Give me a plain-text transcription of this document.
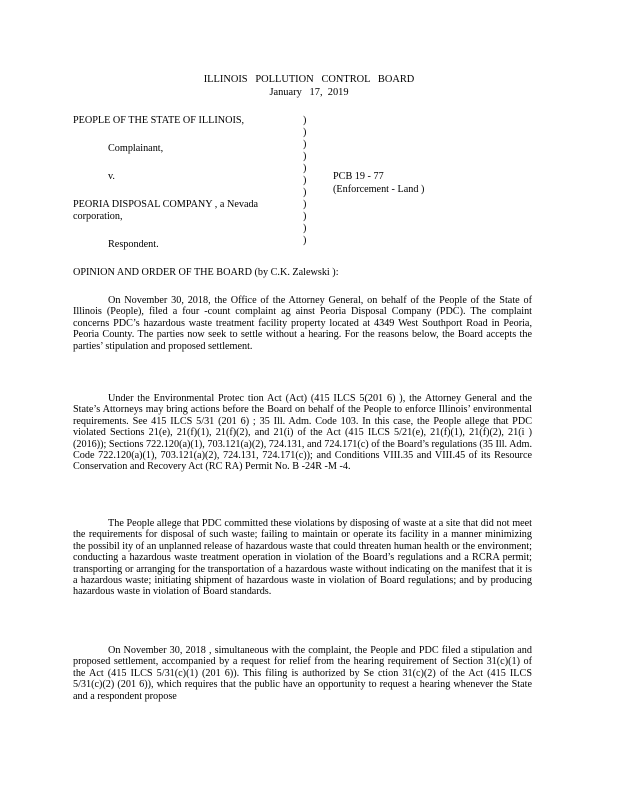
ILLINOIS   POLLUTION   CONTROL   BOARD
January   17,  2019
PEOPLE OF THE STATE OF ILLINOIS,
Complainant,
v.
PEORIA DISPOSAL COMPANY , a Nevada
corporation,
Respondent.
)
)
)
)
)
)
)
)
)
)
)
PCB 19 - 77
(Enforcement - Land )
OPINION AND ORDER OF THE BOARD (by C.K. Zalewski ):
On November 30, 2018, the Office of the Attorney General, on behalf of the People of the State of Illinois (People), filed a four -count complaint ag ainst Peoria Disposal Company (PDC). The complaint concerns PDC’s hazardous waste treatment facility property located at 4349 West Southport Road in Peoria, Peoria County. The parties now seek to settle without a hearing. For the reasons below, the Board accepts the parties’ stipulation and proposed settlement.
Under the Environmental Protec tion Act (Act) (415 ILCS 5(201 6) ), the Attorney General and the State’s Attorneys may bring actions before the Board on behalf of the People to enforce Illinois’ environmental requirements. See 415 ILCS 5/31 (201 6) ; 35 Ill. Adm. Code 103. In this case, the People allege that PDC violated Sections 21(e), 21(f)(1), 21(f)(2), and 21(i) of the Act (415 ILCS 5/21(e), 21(f)(1), 21(f)(2), 21(i ) (2016)); Sections 722.120(a)(1), 703.121(a)(2), 724.131, and 724.171(c) of the Board’s regulations (35 Ill. Adm. Code 722.120(a)(1), 703.121(a)(2), 724.131, 724.171(c)); and Conditions VIII.35 and VIII.45 of its Resource Conservation and Recovery Act (RC RA) Permit No. B -24R -M -4.
The People allege that PDC committed these violations by disposing of waste at a site that did not meet the requirements for disposal of such waste; failing to maintain or operate its facility in a manner minimizing the possibil ity of an unplanned release of hazardous waste that could threaten human health or the environment; conducting a hazardous waste treatment operation in violation of the Board’s regulations and a RCRA permit; transporting or arranging for the transportation of a hazardous waste without indicating on the manifest that it is a hazardous waste; initiating shipment of hazardous waste in violation of Board regulations; and by producing hazardous waste in violation of Board standards.
On November 30, 2018 , simultaneous with the complaint, the People and PDC filed a stipulation and proposed settlement, accompanied by a request for relief from the hearing requirement of Section 31(c)(1) of the Act (415 ILCS 5/31(c)(1) (201 6)). This filing is authorized by Se ction 31(c)(2) of the Act (415 ILCS 5/31(c)(2) (201 6)), which requires that the public have an opportunity to request a hearing whenever the State and a respondent propose
